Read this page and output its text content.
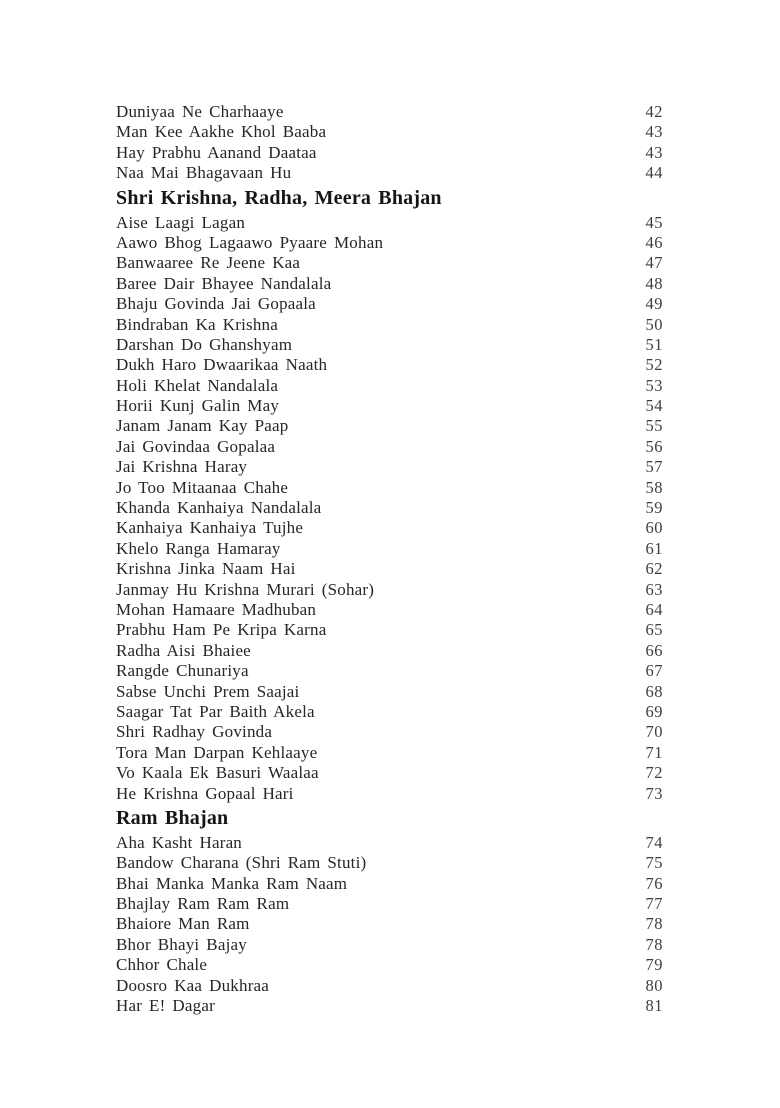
Duniyaa Ne Charhaaye	42
Man Kee Aakhe Khol Baaba	43
Hay Prabhu Aanand Daataa	43
Naa Mai Bhagavaan Hu	44
Shri Krishna, Radha, Meera Bhajan
Aise Laagi Lagan	45
Aawo Bhog Lagaawo Pyaare Mohan	46
Banwaaree Re Jeene Kaa	47
Baree Dair Bhayee Nandalala	48
Bhaju Govinda Jai Gopaala	49
Bindraban Ka Krishna	50
Darshan Do Ghanshyam	51
Dukh Haro Dwaarikaa Naath	52
Holi Khelat Nandalala	53
Horii Kunj Galin May	54
Janam Janam Kay Paap	55
Jai Govindaa Gopalaa	56
Jai Krishna Haray	57
Jo Too Mitaanaa Chahe	58
Khanda Kanhaiya Nandalala	59
Kanhaiya Kanhaiya Tujhe	60
Khelo Ranga Hamaray	61
Krishna Jinka Naam Hai	62
Janmay Hu Krishna Murari (Sohar)	63
Mohan Hamaare Madhuban	64
Prabhu Ham Pe Kripa Karna	65
Radha Aisi Bhaiee	66
Rangde Chunariya	67
Sabse Unchi Prem Saajai	68
Saagar Tat Par Baith Akela	69
Shri Radhay Govinda	70
Tora Man Darpan Kehlaaye	71
Vo Kaala Ek Basuri Waalaa	72
He Krishna Gopaal Hari	73
Ram Bhajan
Aha Kasht Haran	74
Bandow Charana (Shri Ram Stuti)	75
Bhai Manka Manka Ram Naam	76
Bhajlay Ram Ram Ram	77
Bhaiore Man Ram	78
Bhor Bhayi Bajay	78
Chhor Chale	79
Doosro Kaa Dukhraa	80
Har E! Dagar	81
